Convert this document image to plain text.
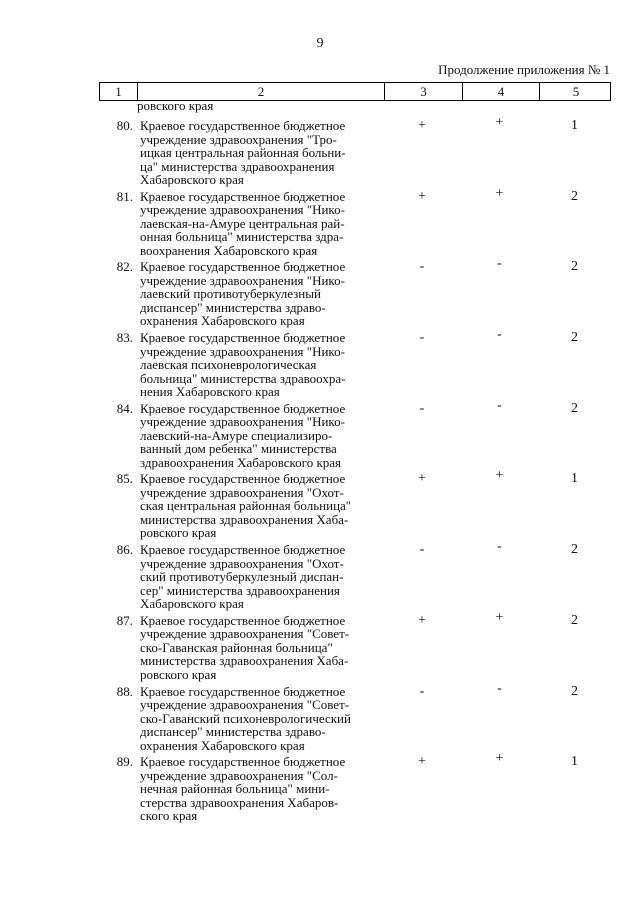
9
Продолжение приложения № 1
1	2	3	4	5
ровского края
80. Краевое государственное бюджетное
учреждение здравоохранения "Тро-
ицкая центральная районная больни-
ца" министерства здравоохранения
Хабаровского края
+	+	1
81. Краевое государственное бюджетное
учреждение здравоохранения "Нико-
лаевская-на-Амуре центральная рай-
онная больница" министерства здра-
воохранения Хабаровского края
+	+	2
82. Краевое государственное бюджетное
учреждение здравоохранения "Нико-
лаевский противотуберкулезный
диспансер" министерства здраво-
охранения Хабаровского края
-	-	2
83. Краевое государственное бюджетное
учреждение здравоохранения "Нико-
лаевская психоневрологическая
больница" министерства здравоохра-
нения Хабаровского края
-	-	2
84. Краевое государственное бюджетное
учреждение здравоохранения "Нико-
лаевский-на-Амуре специализиро-
ванный дом ребенка" министерства
здравоохранения Хабаровского края
-	-	2
85. Краевое государственное бюджетное
учреждение здравоохранения "Охот-
ская центральная районная больница"
министерства здравоохранения Хаба-
ровского края
+	+	1
86. Краевое государственное бюджетное
учреждение здравоохранения "Охот-
ский противотуберкулезный диспан-
сер" министерства здравоохранения
Хабаровского края
-	-	2
87. Краевое государственное бюджетное
учреждение здравоохранения "Совет-
ско-Гаванская районная больница"
министерства здравоохранения Хаба-
ровского края
+	+	2
88. Краевое государственное бюджетное
учреждение здравоохранения "Совет-
ско-Гаванский психоневрологический
диспансер" министерства здраво-
охранения Хабаровского края
-	-	2
89. Краевое государственное бюджетное
учреждение здравоохранения "Сол-
нечная районная больница" мини-
стерства здравоохранения Хабаров-
ского края
+	+	1
